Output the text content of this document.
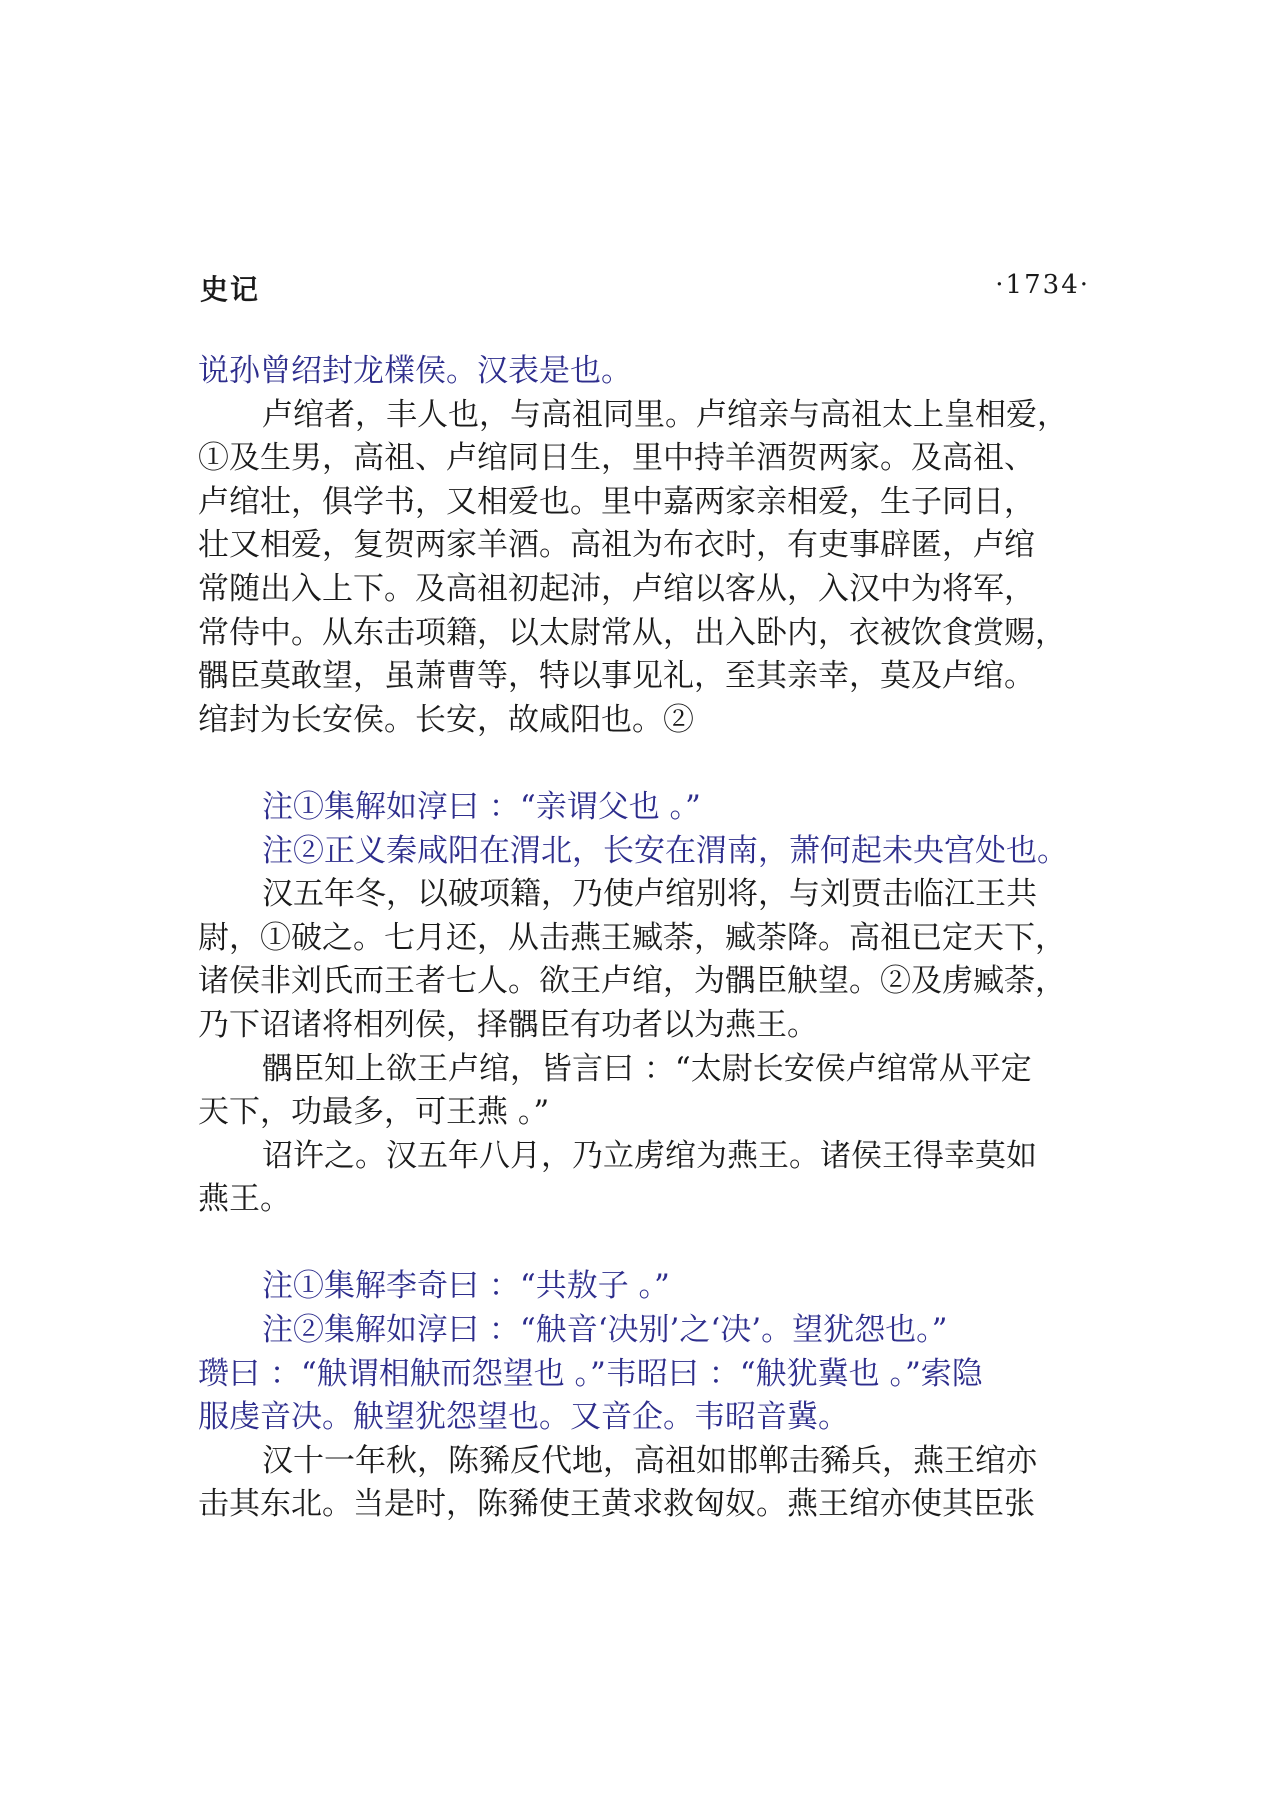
史记	·1734·
说孙曾绍封龙檏侯。汉表是也。
卢绾者，丰人也，与高祖同里。卢绾亲与高祖太上皇相爱，
①及生男，高祖、卢绾同日生，里中持羊酒贺两家。及高祖、
卢绾壮，俱学书，又相爱也。里中嘉两家亲相爱，生子同日，
壮又相爱，复贺两家羊酒。高祖为布衣时，有吏事辟匿，卢绾
常随出入上下。及高祖初起沛，卢绾以客从，入汉中为将军，
常侍中。从东击项籍，以太尉常从，出入卧内，衣被饮食赏赐，
髃臣莫敢望，虽萧曹等，特以事见礼，至其亲幸，莫及卢绾。
绾封为长安侯。长安，故咸阳也。②
注①集解如淳曰 ：“亲谓父也 。”
注②正义秦咸阳在渭北，长安在渭南，萧何起未央宫处也。
汉五年冬，以破项籍，乃使卢绾别将，与刘贾击临江王共
尉，①破之。七月还，从击燕王臧荼，臧荼降。高祖已定天下，
诸侯非刘氏而王者七人。欲王卢绾，为髃臣觖望。②及虏臧荼，
乃下诏诸将相列侯，择髃臣有功者以为燕王。
髃臣知上欲王卢绾，皆言曰 ：“太尉长安侯卢绾常从平定
天下，功最多，可王燕 。”
诏许之。汉五年八月，乃立虏绾为燕王。诸侯王得幸莫如
燕王。
注①集解李奇曰 ：“共敖子 。”
注②集解如淳曰 ：“觖音‘决别’之‘决’。望犹怨也。”
瓒曰 ：“觖谓相觖而怨望也 。”韦昭曰 ：“觖犹冀也 。”索隐
服虔音决。觖望犹怨望也。又音企。韦昭音冀。
汉十一年秋，陈豨反代地，高祖如邯郸击豨兵，燕王绾亦
击其东北。当是时，陈豨使王黄求救匈奴。燕王绾亦使其臣张
